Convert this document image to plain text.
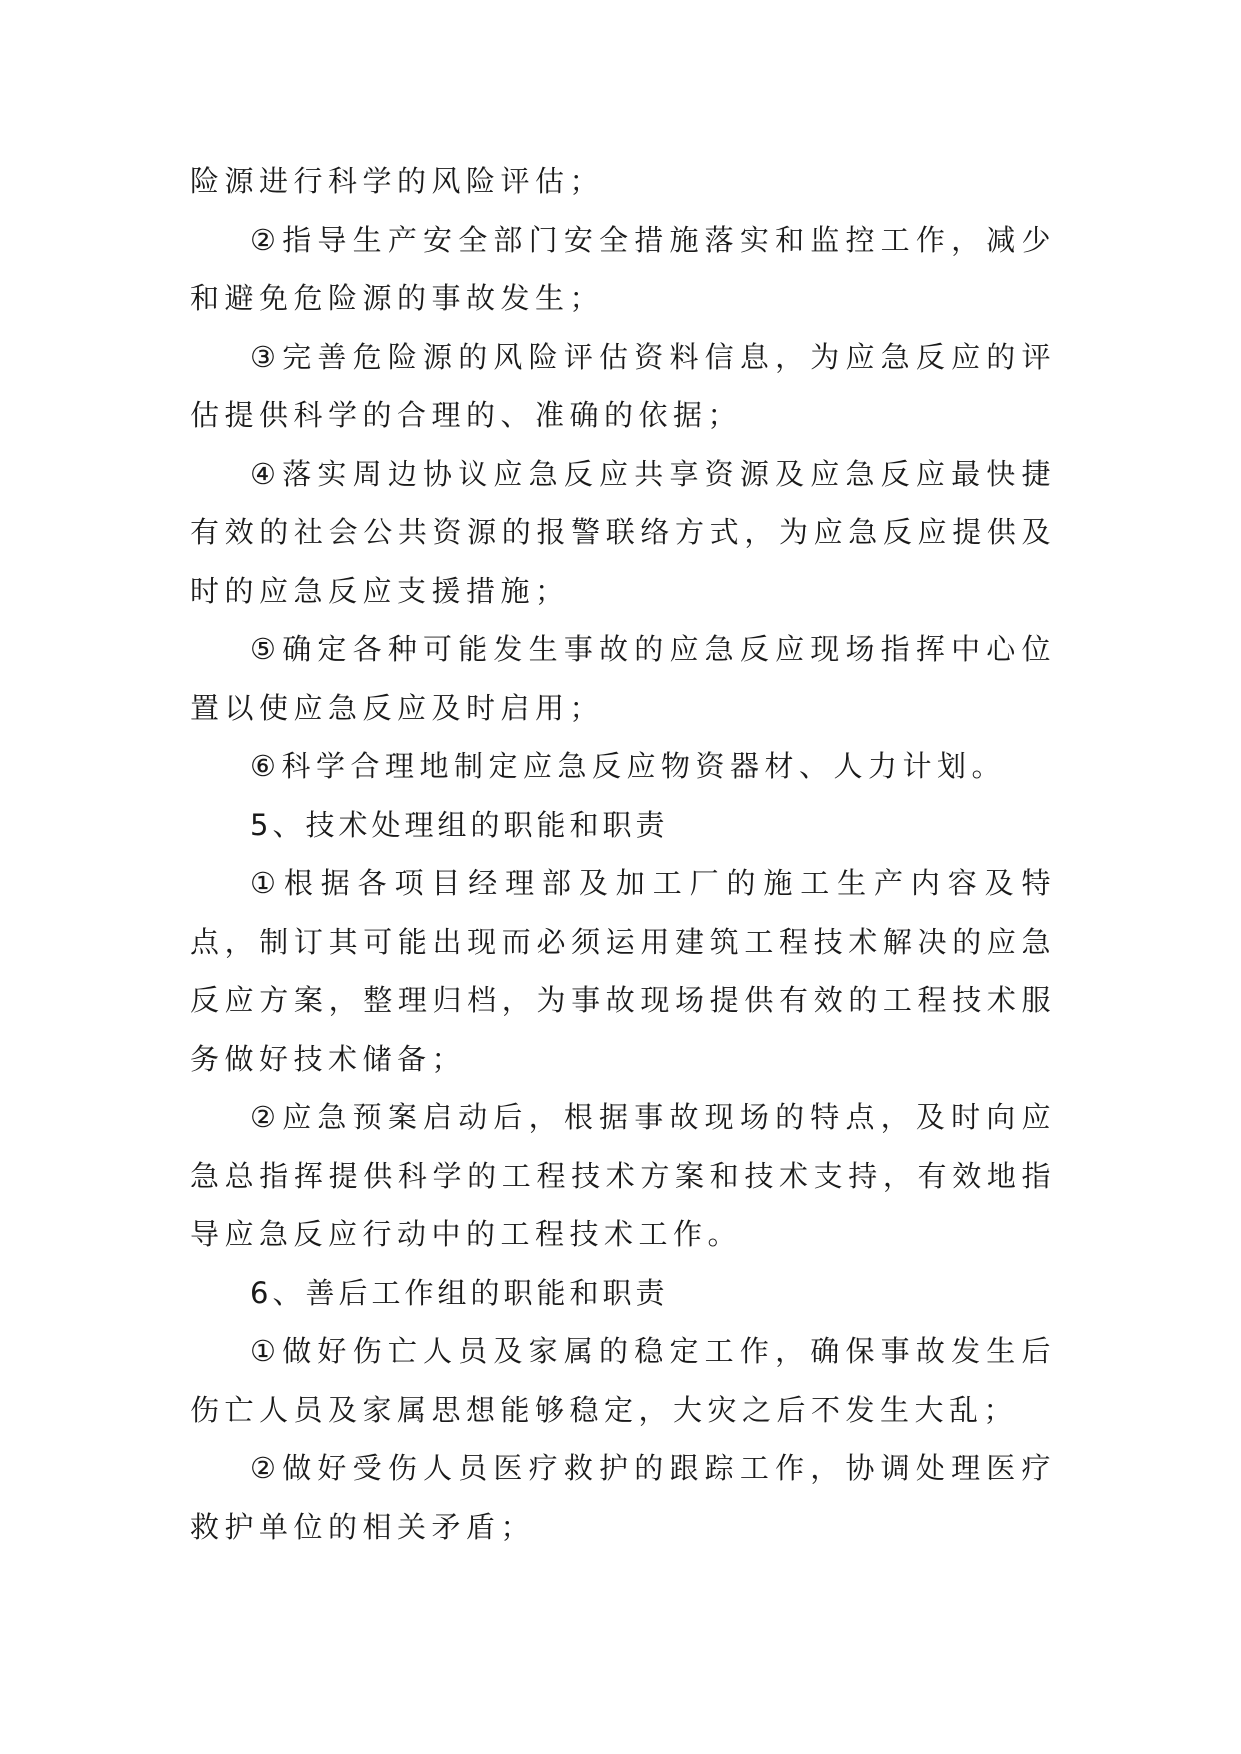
险源进行科学的风险评估；

②指导生产安全部门安全措施落实和监控工作，减少和避免危险源的事故发生；

③完善危险源的风险评估资料信息，为应急反应的评估提供科学的合理的、准确的依据；

④落实周边协议应急反应共享资源及应急反应最快捷有效的社会公共资源的报警联络方式，为应急反应提供及时的应急反应支援措施；

⑤确定各种可能发生事故的应急反应现场指挥中心位置以使应急反应及时启用；

⑥科学合理地制定应急反应物资器材、人力计划。

5、技术处理组的职能和职责

①根据各项目经理部及加工厂的施工生产内容及特点，制订其可能出现而必须运用建筑工程技术解决的应急反应方案，整理归档，为事故现场提供有效的工程技术服务做好技术储备；

②应急预案启动后，根据事故现场的特点，及时向应急总指挥提供科学的工程技术方案和技术支持，有效地指导应急反应行动中的工程技术工作。

6、善后工作组的职能和职责

①做好伤亡人员及家属的稳定工作，确保事故发生后伤亡人员及家属思想能够稳定，大灾之后不发生大乱；

②做好受伤人员医疗救护的跟踪工作，协调处理医疗救护单位的相关矛盾；
